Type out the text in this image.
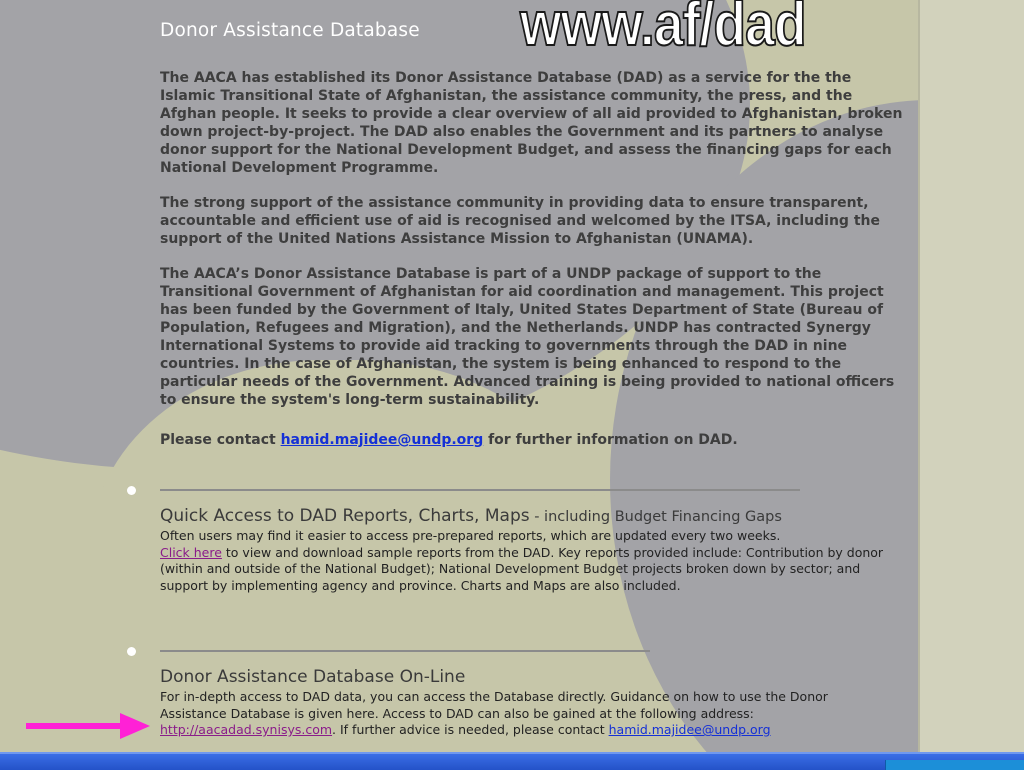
Donor Assistance Database

The AACA has established its Donor Assistance Database (DAD) as a service for the the Islamic Transitional State of Afghanistan, the assistance community, the press, and the Afghan people. It seeks to provide a clear overview of all aid provided to Afghanistan, broken down project-by-project. The DAD also enables the Government and its partners to analyse donor support for the National Development Budget, and assess the financing gaps for each National Development Programme.

The strong support of the assistance community in providing data to ensure transparent, accountable and efficient use of aid is recognised and welcomed by the ITSA, including the support of the United Nations Assistance Mission to Afghanistan (UNAMA).

The AACA’s Donor Assistance Database is part of a UNDP package of support to the Transitional Government of Afghanistan for aid coordination and management. This project has been funded by the Government of Italy, United States Department of State (Bureau of Population, Refugees and Migration), and the Netherlands. UNDP has contracted Synergy International Systems to provide aid tracking to governments through the DAD in nine countries. In the case of Afghanistan, the system is being enhanced to respond to the particular needs of the Government. Advanced training is being provided to national officers to ensure the system's long-term sustainability.

Please contact hamid.majidee@undp.org for further information on DAD.

Quick Access to DAD Reports, Charts, Maps - including Budget Financing Gaps

Often users may find it easier to access pre-prepared reports, which are updated every two weeks.
Click here to view and download sample reports from the DAD. Key reports provided include: Contribution by donor (within and outside of the National Budget); National Development Budget projects broken down by sector; and support by implementing agency and province. Charts and Maps are also included.

Donor Assistance Database On-Line

For in-depth access to DAD data, you can access the Database directly. Guidance on how to use the Donor Assistance Database is given here. Access to DAD can also be gained at the following address: http://aacadad.synisys.com. If further advice is needed, please contact hamid.majidee@undp.org

www.af/dad
